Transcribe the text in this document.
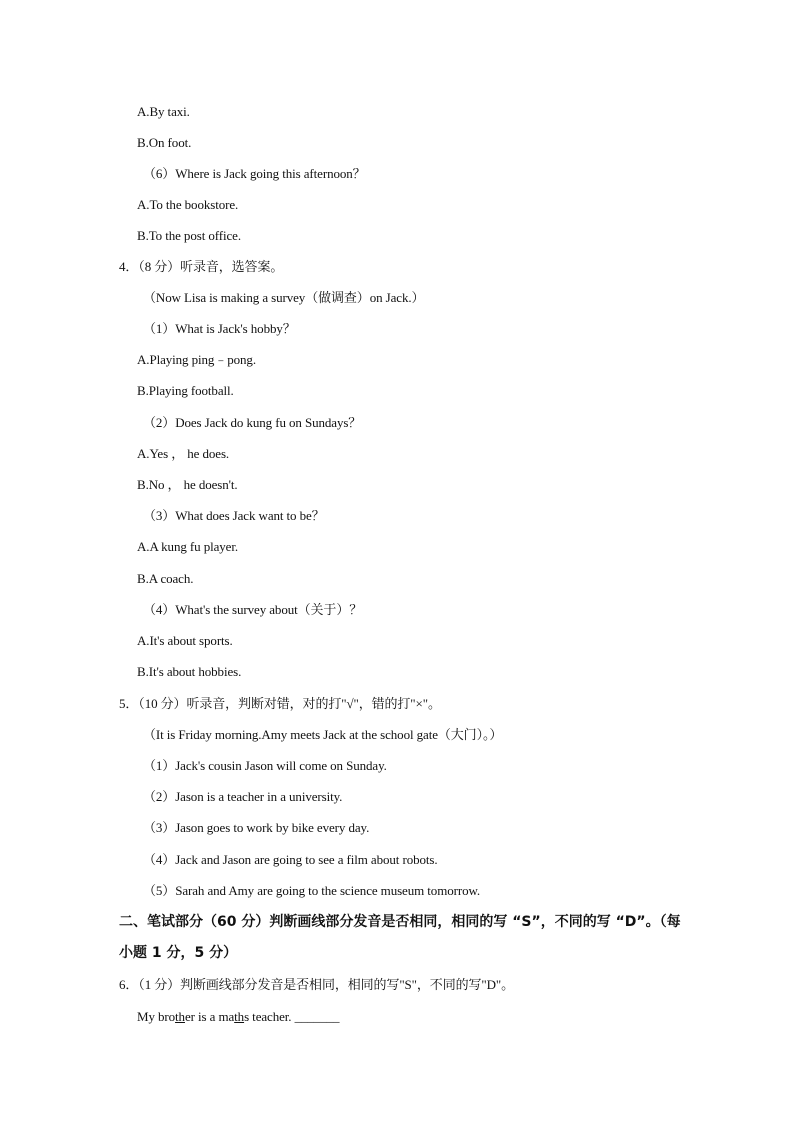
A.By taxi.
B.On foot.
（6）Where is Jack going this afternoon？
A.To the bookstore.
B.To the post office.
4．（8 分）听录音，选答案。
（Now Lisa is making a survey（做调查）on Jack.）
（1）What is Jack's hobby？
A.Playing ping﹣pong.
B.Playing football.
（2）Does Jack do kung fu on Sundays？
A.Yes ， he does.
B.No ， he doesn't.
（3）What does Jack want to be？
A.A kung fu player.
B.A coach.
（4）What's the survey about（关于）？
A.It's about sports.
B.It's about hobbies.
5．（10 分）听录音，判断对错，对的打"√"，错的打"×"。
（It is Friday morning.Amy meets Jack at the school gate（大门）。）
（1）Jack's cousin Jason will come on Sunday.
（2）Jason is a teacher in a university.
（3）Jason goes to work by bike every day.
（4）Jack and Jason are going to see a film about robots.
（5）Sarah and Amy are going to the science museum tomorrow.
二、笔试部分（60 分）判断画线部分发音是否相同，相同的写 “S”，不同的写 “D”。（每
小题 1 分，5 分）
6．（1 分）判断画线部分发音是否相同，相同的写"S"，不同的写"D"。
My brother is a maths teacher. _______
